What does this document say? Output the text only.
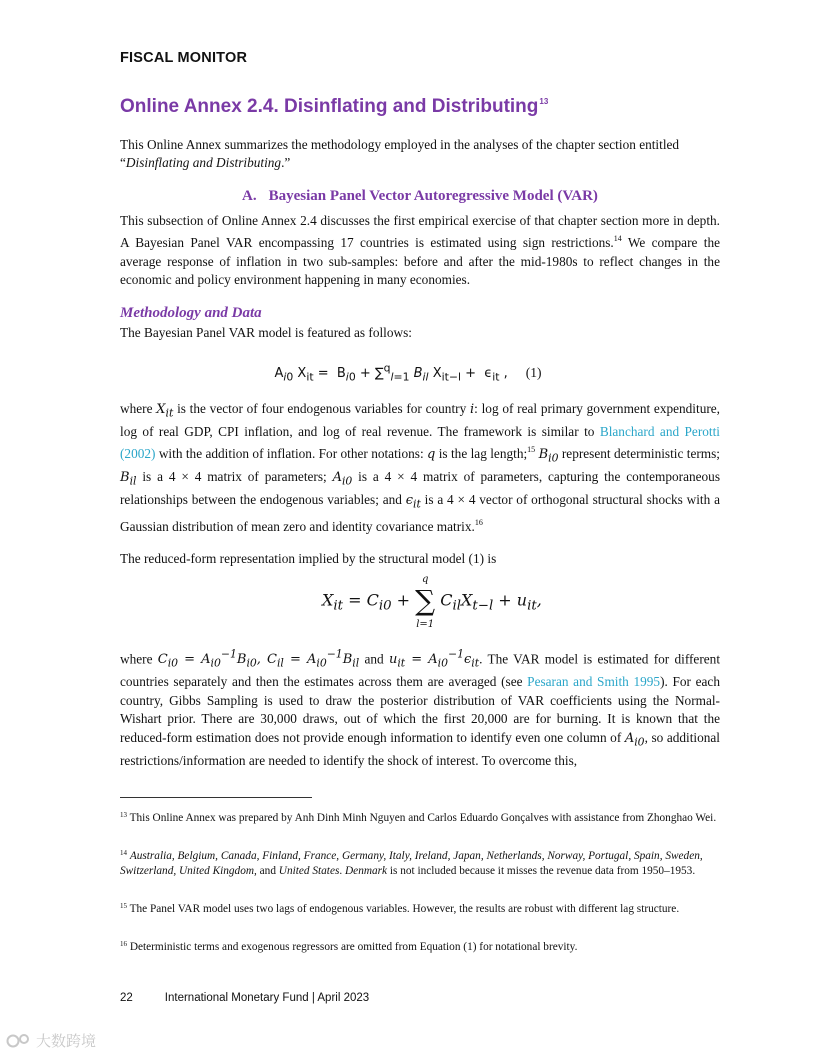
FISCAL MONITOR
Online Annex 2.4. Disinflating and Distributing$^{13}$

This Online Annex summarizes the methodology employed in the analyses of the chapter section entitled
“Disinflating and Distributing.”

A. Bayesian Panel Vector Autoregressive Model (VAR)

This subsection of Online Annex 2.4 discusses the first empirical exercise of that chapter section more in depth. A Bayesian Panel VAR encompassing 17 countries is estimated using sign restrictions.$^{14}$ We compare the average response of inflation in two sub-samples: before and after the mid-1980s to reflect changes in the economic and policy environment happening in many economies.

Methodology and Data
The Bayesian Panel VAR model is featured as follows:
$A_{i0}$ $X_{it} = B_{i0} + \sum^q_{l=1}$ $B_{il}$ $X_{it-l} + \epsilon_{it}$ , (1)

where $X_{it}$ is the vector of four endogenous variables for country i: log of real primary government expenditure, log of real GDP, CPI inflation, and log of real revenue. The framework is similar to Blanchard and Perotti (2002) with the addition of inflation. For other notations: q is the lag length;$^{15}$ $B_{i0}$ represent deterministic terms; $B_{il}$ is a 4 × 4 matrix of parameters; $A_{i0}$ is a 4 × 4 matrix of parameters, capturing the contemporaneous relationships between the endogenous variables; and $\epsilon_{it}$ is a 4 × 4 vector of orthogonal structural shocks with a Gaussian distribution of mean zero and identity covariance matrix.$^{16}$

The reduced-form representation implied by the structural model (1) is
$X_{it} = C_{i0} + q$
∑
l=1 $C_{il}X_{t-l} + u_{it}$,

where $C_{i0} = A_{i0}^{-1}B_{i0}$, $C_{il} = A_{i0}^{-1}B_{il}$ and $u_{it} = A_{i0}^{-1}\epsilon_{it}$. The VAR model is estimated for different countries separately and then the estimates across them are averaged (see Pesaran and Smith 1995). For each country, Gibbs Sampling is used to draw the posterior distribution of VAR coefficients using the Normal-Wishart prior. There are 30,000 draws, out of which the first 20,000 are for burning. It is known that the reduced-form estimation does not provide enough information to identify even one column of $A_{i0}$, so additional restrictions/information are needed to identify the shock of interest. To overcome this,

$^{13}$ This Online Annex was prepared by Anh Dinh Minh Nguyen and Carlos Eduardo Gonçalves with assistance from Zhonghao Wei.
$^{14}$ Australia, Belgium, Canada, Finland, France, Germany, Italy, Ireland, Japan, Netherlands, Norway, Portugal, Spain, Sweden, Switzerland, United Kingdom, and United States. Denmark is not included because it misses the revenue data from 1950–1953.
$^{15}$ The Panel VAR model uses two lags of endogenous variables. However, the results are robust with different lag structure.
$^{16}$ Deterministic terms and exogenous regressors are omitted from Equation (1) for notational brevity.
22	International Monetary Fund | April 2023
大数跨境
